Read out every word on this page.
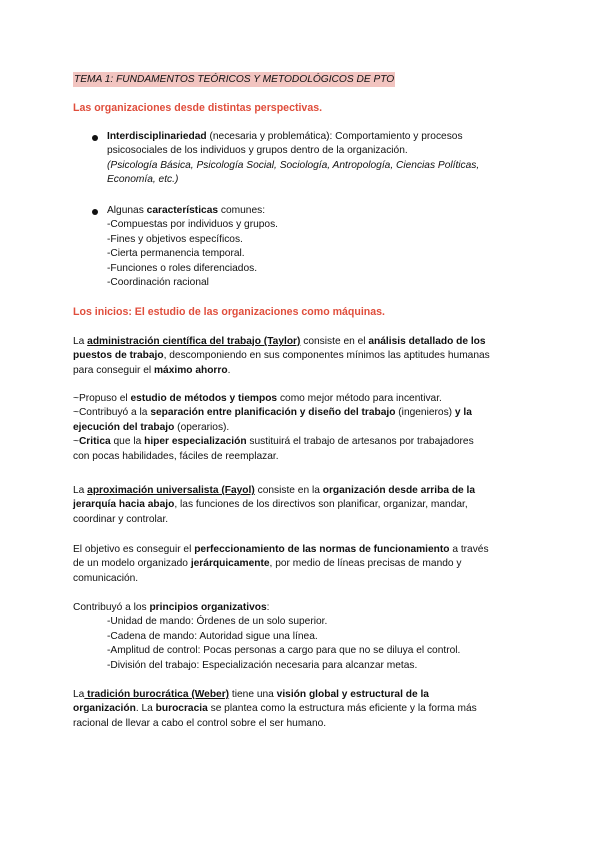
TEMA 1: FUNDAMENTOS TEÓRICOS Y METODOLÓGICOS DE PTO
Las organizaciones desde distintas perspectivas.
Interdisciplinariedad (necesaria y problemática): Comportamiento y procesos
psicosociales de los individuos y grupos dentro de la organización.
(Psicología Básica, Psicología Social, Sociología, Antropología, Ciencias Políticas,
Economía, etc.)
Algunas características comunes:
-Compuestas por individuos y grupos.
-Fines y objetivos específicos.
-Cierta permanencia temporal.
-Funciones o roles diferenciados.
-Coordinación racional
Los inicios: El estudio de las organizaciones como máquinas.
La administración científica del trabajo (Taylor) consiste en el análisis detallado de los
puestos de trabajo, descomponiendo en sus componentes mínimos las aptitudes humanas
para conseguir el máximo ahorro.
~Propuso el estudio de métodos y tiempos como mejor método para incentivar.
~Contribuyó a la separación entre planificación y diseño del trabajo (ingenieros) y la
ejecución del trabajo (operarios).
~Critica que la hiper especialización sustituirá el trabajo de artesanos por trabajadores
con pocas habilidades, fáciles de reemplazar.
La aproximación universalista (Fayol) consiste en la organización desde arriba de la
jerarquía hacia abajo, las funciones de los directivos son planificar, organizar, mandar,
coordinar y controlar.
El objetivo es conseguir el perfeccionamiento de las normas de funcionamiento a través
de un modelo organizado jerárquicamente, por medio de líneas precisas de mando y
comunicación.
Contribuyó a los principios organizativos:
-Unidad de mando: Órdenes de un solo superior.
-Cadena de mando: Autoridad sigue una línea.
-Amplitud de control: Pocas personas a cargo para que no se diluya el control.
-División del trabajo: Especialización necesaria para alcanzar metas.
La tradición burocrática (Weber) tiene una visión global y estructural de la
organización. La burocracia se plantea como la estructura más eficiente y la forma más
racional de llevar a cabo el control sobre el ser humano.
